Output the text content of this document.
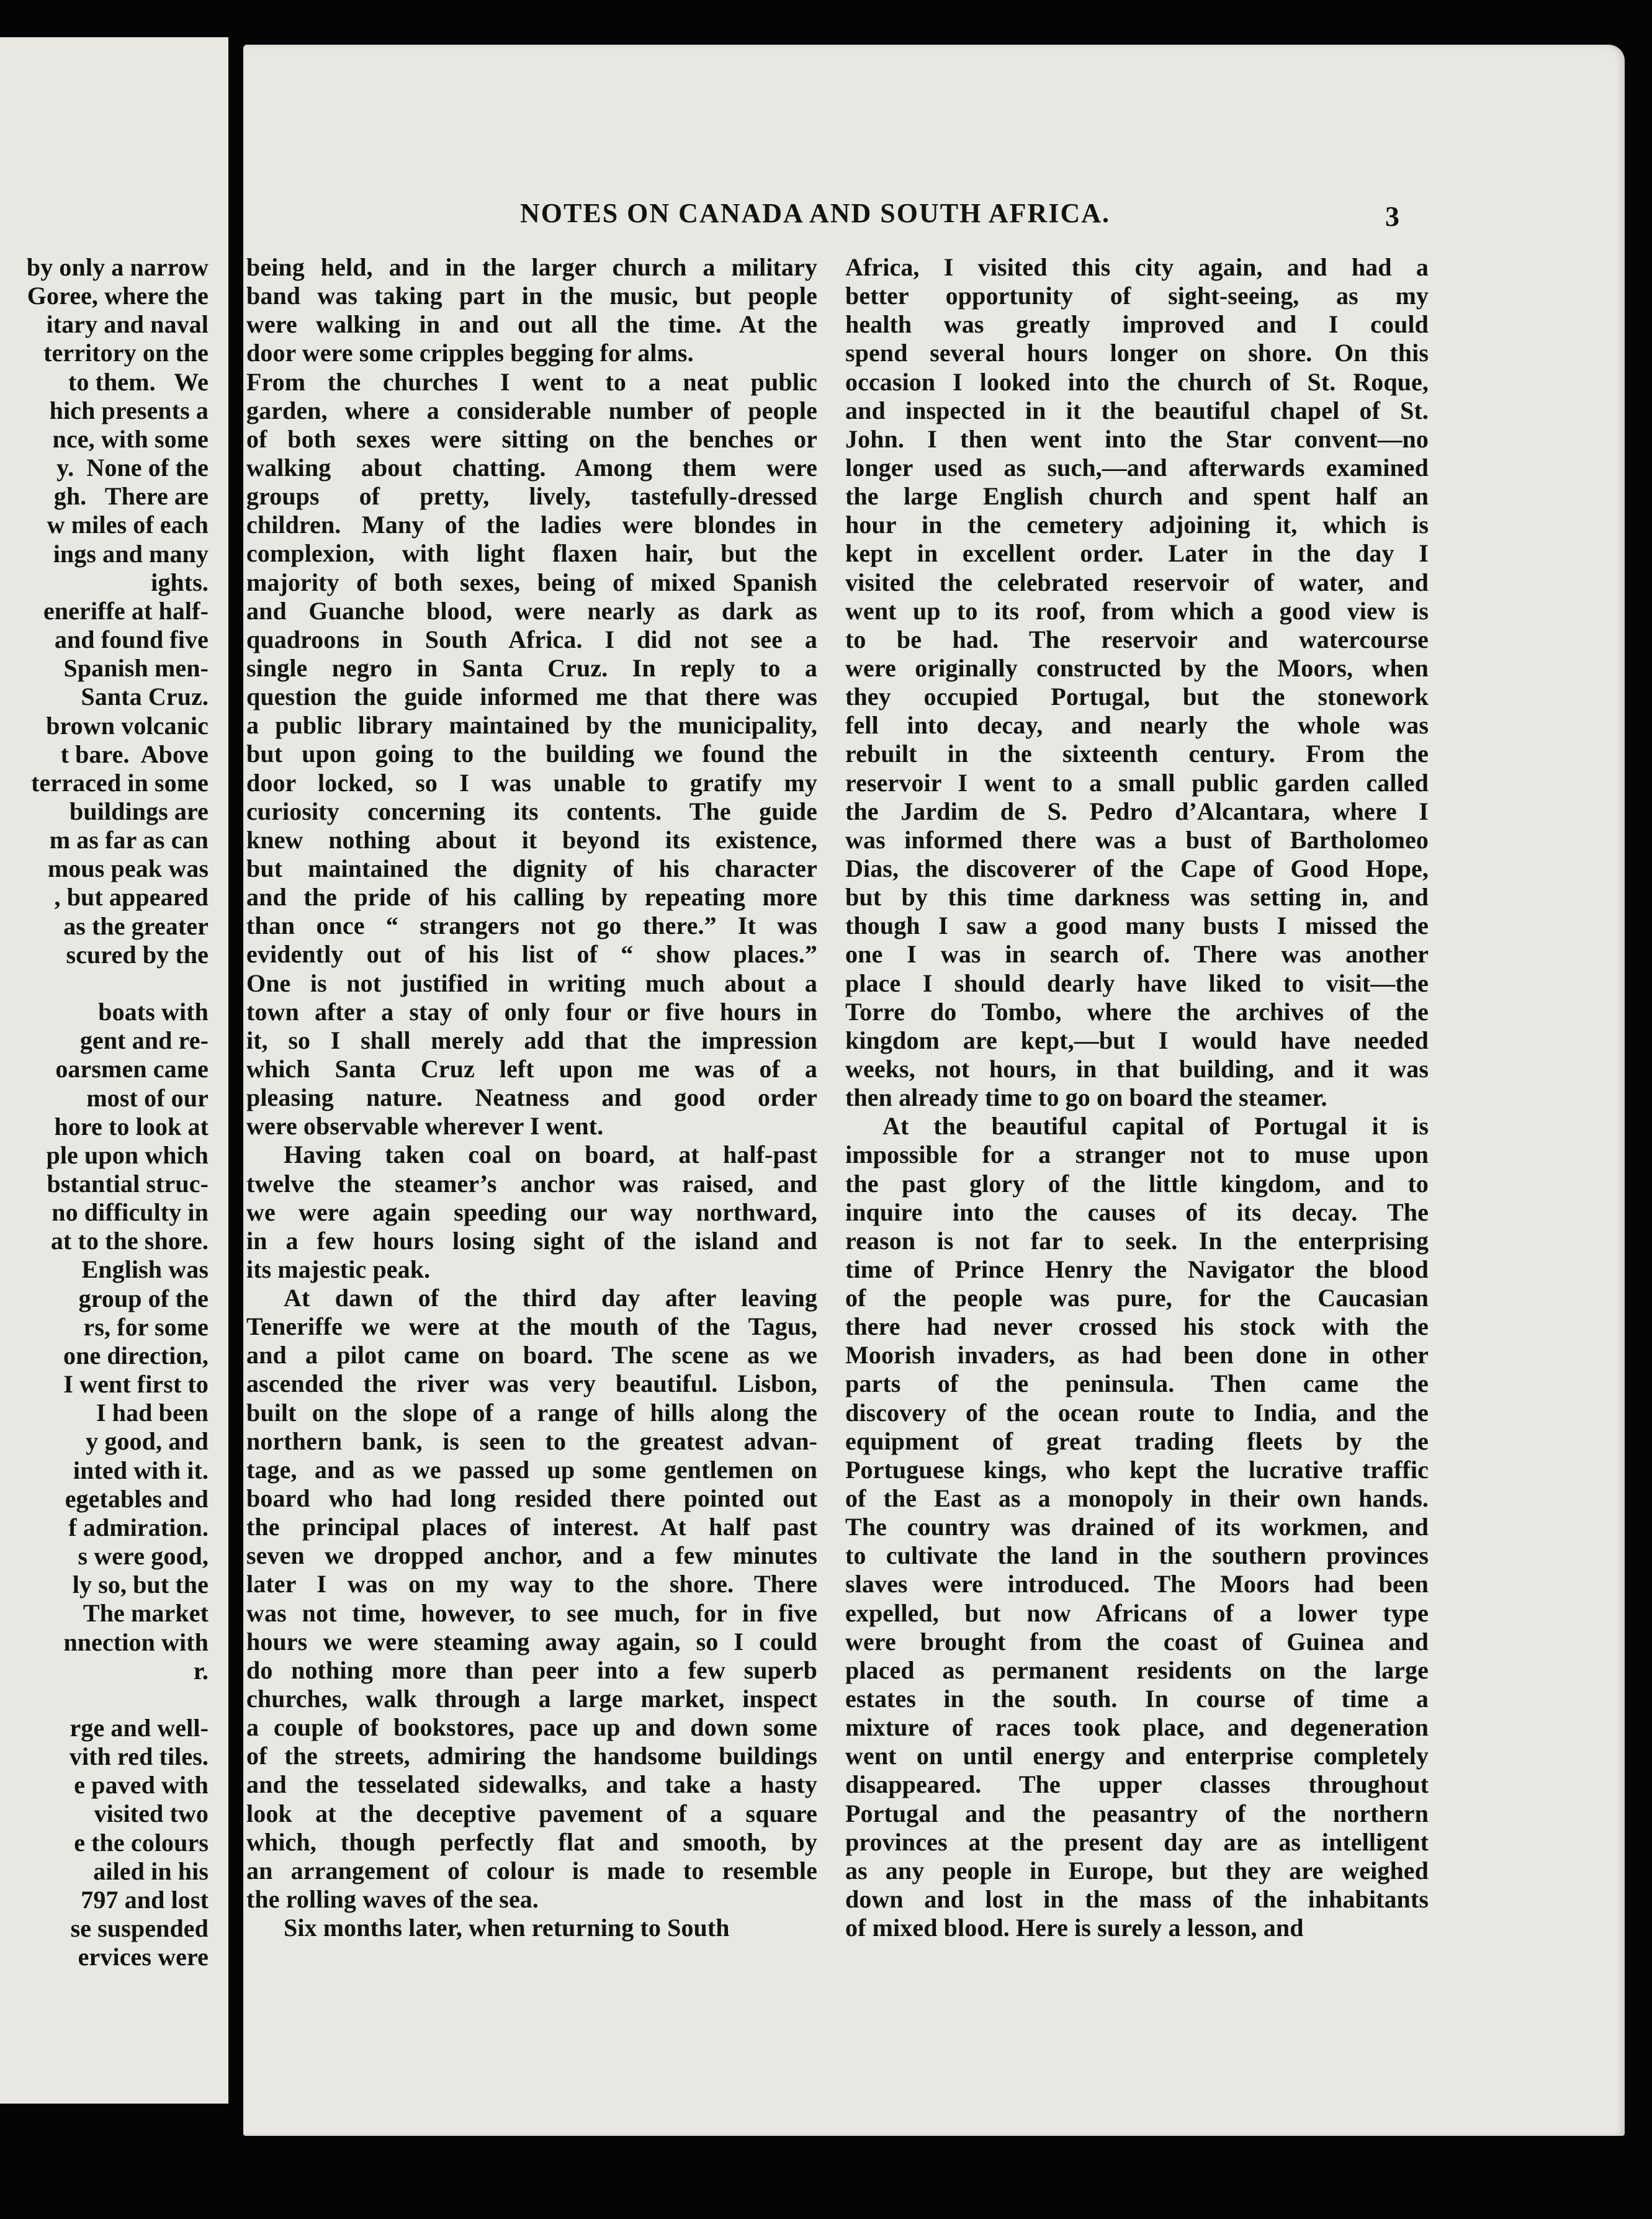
NOTES ON CANADA AND SOUTH AFRICA.	3
by only a narrow
Goree, where the
itary and naval
territory on the
to them.   We
hich presents a
nce, with some
y.  None of the
gh.   There are
w miles of each
ings and many
ights.
eneriffe at half-
and found five
Spanish men-
Santa Cruz.
brown volcanic
t bare.  Above
terraced in some
buildings are
m as far as can
mous peak was
, but appeared
as the greater
scured by the

boats with
gent and re-
oarsmen came
most of our
hore to look at
ple upon which
bstantial struc-
no difficulty in
at to the shore.
English was
group of the
rs, for some
one direction,
I went first to
I had been
y good, and
inted with it.
egetables and
f admiration.
s were good,
ly so, but the
The market
nnection with
r.

rge and well-
vith red tiles.
e paved with
visited two
e the colours
ailed in his
797 and lost
se suspended
ervices were
being held, and in the larger church a military
band was taking part in the music, but people
were walking in and out all the time. At the
door were some cripples begging for alms.
From the churches I went to a neat public
garden, where a considerable number of people
of both sexes were sitting on the benches or
walking about chatting. Among them were
groups of pretty, lively, tastefully-dressed
children. Many of the ladies were blondes in
complexion, with light flaxen hair, but the
majority of both sexes, being of mixed Spanish
and Guanche blood, were nearly as dark as
quadroons in South Africa. I did not see a
single negro in Santa Cruz. In reply to a
question the guide informed me that there was
a public library maintained by the municipality,
but upon going to the building we found the
door locked, so I was unable to gratify my
curiosity concerning its contents. The guide
knew nothing about it beyond its existence,
but maintained the dignity of his character
and the pride of his calling by repeating more
than once “ strangers not go there.” It was
evidently out of his list of “ show places.”
One is not justified in writing much about a
town after a stay of only four or five hours in
it, so I shall merely add that the impression
which Santa Cruz left upon me was of a
pleasing nature. Neatness and good order
were observable wherever I went.
Having taken coal on board, at half-past
twelve the steamer’s anchor was raised, and
we were again speeding our way northward,
in a few hours losing sight of the island and
its majestic peak.
At dawn of the third day after leaving
Teneriffe we were at the mouth of the Tagus,
and a pilot came on board. The scene as we
ascended the river was very beautiful. Lisbon,
built on the slope of a range of hills along the
northern bank, is seen to the greatest advan-
tage, and as we passed up some gentlemen on
board who had long resided there pointed out
the principal places of interest. At half past
seven we dropped anchor, and a few minutes
later I was on my way to the shore. There
was not time, however, to see much, for in five
hours we were steaming away again, so I could
do nothing more than peer into a few superb
churches, walk through a large market, inspect
a couple of bookstores, pace up and down some
of the streets, admiring the handsome buildings
and the tesselated sidewalks, and take a hasty
look at the deceptive pavement of a square
which, though perfectly flat and smooth, by
an arrangement of colour is made to resemble
the rolling waves of the sea.
Six months later, when returning to South
Africa, I visited this city again, and had a
better opportunity of sight-seeing, as my
health was greatly improved and I could
spend several hours longer on shore. On this
occasion I looked into the church of St. Roque,
and inspected in it the beautiful chapel of St.
John. I then went into the Star convent—no
longer used as such,—and afterwards examined
the large English church and spent half an
hour in the cemetery adjoining it, which is
kept in excellent order. Later in the day I
visited the celebrated reservoir of water, and
went up to its roof, from which a good view is
to be had. The reservoir and watercourse
were originally constructed by the Moors, when
they occupied Portugal, but the stonework
fell into decay, and nearly the whole was
rebuilt in the sixteenth century. From the
reservoir I went to a small public garden called
the Jardim de S. Pedro d’Alcantara, where I
was informed there was a bust of Bartholomeo
Dias, the discoverer of the Cape of Good Hope,
but by this time darkness was setting in, and
though I saw a good many busts I missed the
one I was in search of. There was another
place I should dearly have liked to visit—the
Torre do Tombo, where the archives of the
kingdom are kept,—but I would have needed
weeks, not hours, in that building, and it was
then already time to go on board the steamer.
At the beautiful capital of Portugal it is
impossible for a stranger not to muse upon
the past glory of the little kingdom, and to
inquire into the causes of its decay. The
reason is not far to seek. In the enterprising
time of Prince Henry the Navigator the blood
of the people was pure, for the Caucasian
there had never crossed his stock with the
Moorish invaders, as had been done in other
parts of the peninsula. Then came the
discovery of the ocean route to India, and the
equipment of great trading fleets by the
Portuguese kings, who kept the lucrative traffic
of the East as a monopoly in their own hands.
The country was drained of its workmen, and
to cultivate the land in the southern provinces
slaves were introduced. The Moors had been
expelled, but now Africans of a lower type
were brought from the coast of Guinea and
placed as permanent residents on the large
estates in the south. In course of time a
mixture of races took place, and degeneration
went on until energy and enterprise completely
disappeared. The upper classes throughout
Portugal and the peasantry of the northern
provinces at the present day are as intelligent
as any people in Europe, but they are weighed
down and lost in the mass of the inhabitants
of mixed blood. Here is surely a lesson, and
